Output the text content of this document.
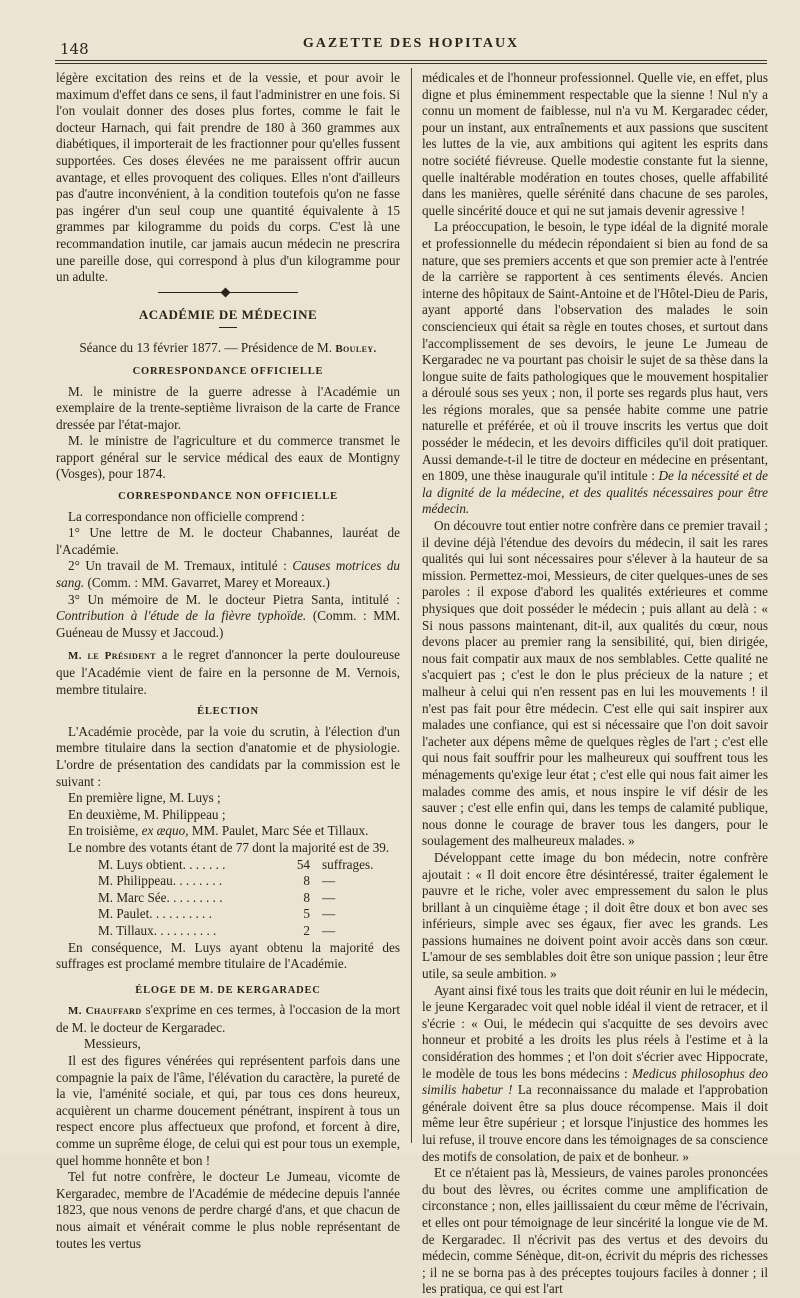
148	GAZETTE DES HOPITAUX

légère excitation des reins et de la vessie, et pour avoir le maximum d'effet dans ce sens, il faut l'administrer en une fois. Si l'on voulait donner des doses plus fortes, comme le fait le docteur Harnach, qui fait prendre de 180 à 360 grammes aux diabétiques, il importerait de les fractionner pour qu'elles fussent supportées. Ces doses élevées ne me paraissent offrir aucun avantage, et elles provoquent des coliques. Elles n'ont d'ailleurs pas d'autre inconvénient, à la condition toutefois qu'on ne fasse pas ingérer d'un seul coup une quantité équivalente à 15 grammes par kilogramme du poids du corps. C'est là une recommandation inutile, car jamais aucun médecin ne prescrira une pareille dose, qui correspond à plus d'un kilogramme pour un adulte.

ACADÉMIE DE MÉDECINE

Séance du 13 février 1877. — Présidence de M. Bouley.

CORRESPONDANCE OFFICIELLE

M. le ministre de la guerre adresse à l'Académie un exemplaire de la trente-septième livraison de la carte de France dressée par l'état-major.

M. le ministre de l'agriculture et du commerce transmet le rapport général sur le service médical des eaux de Montigny (Vosges), pour 1874.

CORRESPONDANCE NON OFFICIELLE

La correspondance non officielle comprend :

1° Une lettre de M. le docteur Chabannes, lauréat de l'Académie.

2° Un travail de M. Tremaux, intitulé : Causes motrices du sang. (Comm. : MM. Gavarret, Marey et Moreaux.)

3° Un mémoire de M. le docteur Pietra Santa, intitulé : Contribution à l'étude de la fièvre typhoïde. (Comm. : MM. Guéneau de Mussy et Jaccoud.)

M. le Président a le regret d'annoncer la perte douloureuse que l'Académie vient de faire en la personne de M. Vernois, membre titulaire.

ÉLECTION

L'Académie procède, par la voie du scrutin, à l'élection d'un membre titulaire dans la section d'anatomie et de physiologie. L'ordre de présentation des candidats par la commission est le suivant :

En première ligne, M. Luys ;

En deuxième, M. Philippeau ;

En troisième, ex æquo, MM. Paulet, Marc Sée et Tillaux.

Le nombre des votants étant de 77 dont la majorité est de 39.

M. Luys obtient. . . . . . .	54	suffrages.
M. Philippeau. . . . . . . .	8	—
M. Marc Sée. . . . . . . . .	8	—
M. Paulet. . . . . . . . . .	5	—
M. Tillaux. . . . . . . . . .	2	—

En conséquence, M. Luys ayant obtenu la majorité des suffrages est proclamé membre titulaire de l'Académie.

ÉLOGE DE M. DE KERGARADEC

M. Chauffard s'exprime en ces termes, à l'occasion de la mort de M. le docteur de Kergaradec.

Messieurs,

Il est des figures vénérées qui représentent parfois dans une compagnie la paix de l'âme, l'élévation du caractère, la pureté de la vie, l'aménité sociale, et qui, par tous ces dons heureux, acquièrent un charme doucement pénétrant, inspirent à tous un respect encore plus affectueux que profond, et forcent à dire, comme un suprême éloge, de celui qui est pour tous un exemple, quel homme honnête et bon !

Tel fut notre confrère, le docteur Le Jumeau, vicomte de Kergaradec, membre de l'Académie de médecine depuis l'année 1823, que nous venons de perdre chargé d'ans, et que chacun de nous aimait et vénérait comme le plus noble représentant de toutes les vertus

médicales et de l'honneur professionnel. Quelle vie, en effet, plus digne et plus éminemment respectable que la sienne ! Nul n'y a connu un moment de faiblesse, nul n'a vu M. Kergaradec céder, pour un instant, aux entraînements et aux passions que suscitent les luttes de la vie, aux ambitions qui agitent les esprits dans notre société fiévreuse. Quelle modestie constante fut la sienne, quelle inaltérable modération en toutes choses, quelle affabilité dans les manières, quelle sérénité dans chacune de ses paroles, quelle sincérité douce et qui ne sut jamais devenir agressive !

La préoccupation, le besoin, le type idéal de la dignité morale et professionnelle du médecin répondaient si bien au fond de sa nature, que ses premiers accents et que son premier acte à l'entrée de la carrière se rapportent à ces sentiments élevés. Ancien interne des hôpitaux de Saint-Antoine et de l'Hôtel-Dieu de Paris, ayant apporté dans l'observation des malades le soin consciencieux qui était sa règle en toutes choses, et surtout dans l'accomplissement de ses devoirs, le jeune Le Jumeau de Kergaradec ne va pourtant pas choisir le sujet de sa thèse dans la longue suite de faits pathologiques que le mouvement hospitalier a déroulé sous ses yeux ; non, il porte ses regards plus haut, vers les régions morales, que sa pensée habite comme une patrie naturelle et préférée, et où il trouve inscrits les vertus que doit posséder le médecin, et les devoirs difficiles qu'il doit pratiquer. Aussi demande-t-il le titre de docteur en médecine en présentant, en 1809, une thèse inaugurale qu'il intitule : De la nécessité et de la dignité de la médecine, et des qualités nécessaires pour être médecin.

On découvre tout entier notre confrère dans ce premier travail ; il devine déjà l'étendue des devoirs du médecin, il sait les rares qualités qui lui sont nécessaires pour s'élever à la hauteur de sa mission. Permettez-moi, Messieurs, de citer quelques-unes de ses paroles : il expose d'abord les qualités extérieures et comme physiques que doit posséder le médecin ; puis allant au delà : « Si nous passons maintenant, dit-il, aux qualités du cœur, nous devons placer au premier rang la sensibilité, qui, bien dirigée, nous fait compatir aux maux de nos semblables. Cette qualité ne s'acquiert pas ; c'est le don le plus précieux de la nature ; et malheur à celui qui n'en ressent pas en lui les mouvements ! il n'est pas fait pour être médecin. C'est elle qui sait inspirer aux malades une confiance, qui est si nécessaire que l'on doit savoir l'acheter aux dépens même de quelques règles de l'art ; c'est elle qui nous fait souffrir pour les malheureux qui souffrent tous les ménagements qu'exige leur état ; c'est elle qui nous fait aimer les malades comme des amis, et nous inspire le vif désir de les sauver ; c'est elle enfin qui, dans les temps de calamité publique, nous donne le courage de braver tous les dangers, pour le soulagement des malheureux malades. »

Développant cette image du bon médecin, notre confrère ajoutait : « Il doit encore être désintéressé, traiter également le pauvre et le riche, voler avec empressement du salon le plus brillant à un cinquième étage ; il doit être doux et bon avec ses inférieurs, simple avec ses égaux, fier avec les grands. Les passions humaines ne doivent point avoir accès dans son cœur. L'amour de ses semblables doit être son unique passion ; leur être utile, sa seule ambition. »

Ayant ainsi fixé tous les traits que doit réunir en lui le médecin, le jeune Kergaradec voit quel noble idéal il vient de retracer, et il s'écrie : « Oui, le médecin qui s'acquitte de ses devoirs avec honneur et probité a les droits les plus réels à l'estime et à la considération des hommes ; et l'on doit s'écrier avec Hippocrate, le modèle de tous les bons médecins : Medicus philosophus deo similis habetur ! La reconnaissance du malade et l'approbation générale doivent être sa plus douce récompense. Mais il doit même leur être supérieur ; et lorsque l'injustice des hommes les lui refuse, il trouve encore dans les témoignages de sa conscience des motifs de consolation, de paix et de bonheur. »

Et ce n'étaient pas là, Messieurs, de vaines paroles prononcées du bout des lèvres, ou écrites comme une amplification de circonstance ; non, elles jaillissaient du cœur même de l'écrivain, et elles ont pour témoignage de leur sincérité la longue vie de M. de Kergaradec. Il n'écrivit pas des vertus et des devoirs du médecin, comme Sénèque, dit-on, écrivit du mépris des richesses ; il ne se borna pas à des préceptes toujours faciles à donner ; il les pratiqua, ce qui est l'art
